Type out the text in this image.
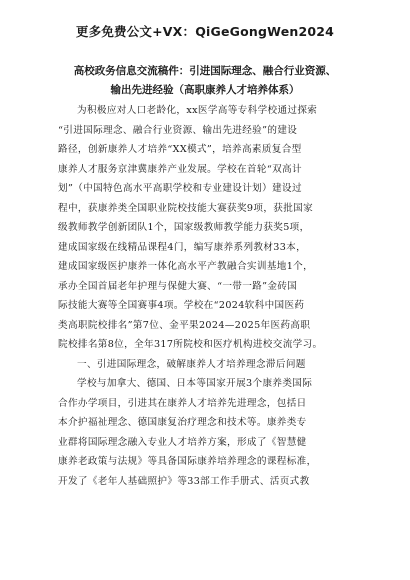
更多免费公文+VX：QiGeGongWen2024
高校政务信息交流稿件：引进国际理念、融合行业资源、
输出先进经验（高职康养人才培养体系）
为积极应对人口老龄化，xx医学高等专科学校通过探索
“引进国际理念、融合行业资源、输出先进经验”的建设
路径，创新康养人才培养“XX模式”，培养高素质复合型
康养人才服务京津冀康养产业发展。学校在首轮“双高计
划”（中国特色高水平高职学校和专业建设计划）建设过
程中，获康养类全国职业院校技能大赛获奖9项，获批国家
级教师教学创新团队1个，国家级教师教学能力获奖5项，
建成国家级在线精品课程4门，编写康养系列教材33本，
建成国家级医护康养一体化高水平产教融合实训基地1个，
承办全国首届老年护理与保健大赛、“一带一路”金砖国
际技能大赛等全国赛事4项。学校在“2024软科中国医药
类高职院校排名”第7位、金平果2024—2025年医药高职
院校排名第8位，全年317所院校和医疗机构进校交流学习。
一、引进国际理念，破解康养人才培养理念滞后问题
学校与加拿大、德国、日本等国家开展3个康养类国际
合作办学项目，引进其在康养人才培养先进理念，包括日
本介护福祉理念、德国康复治疗理念和技术等。康养类专
业群将国际理念融入专业人才培养方案，形成了《智慧健
康养老政策与法规》等具备国际康养培养理念的课程标准，
开发了《老年人基础照护》等33部工作手册式、活页式教
